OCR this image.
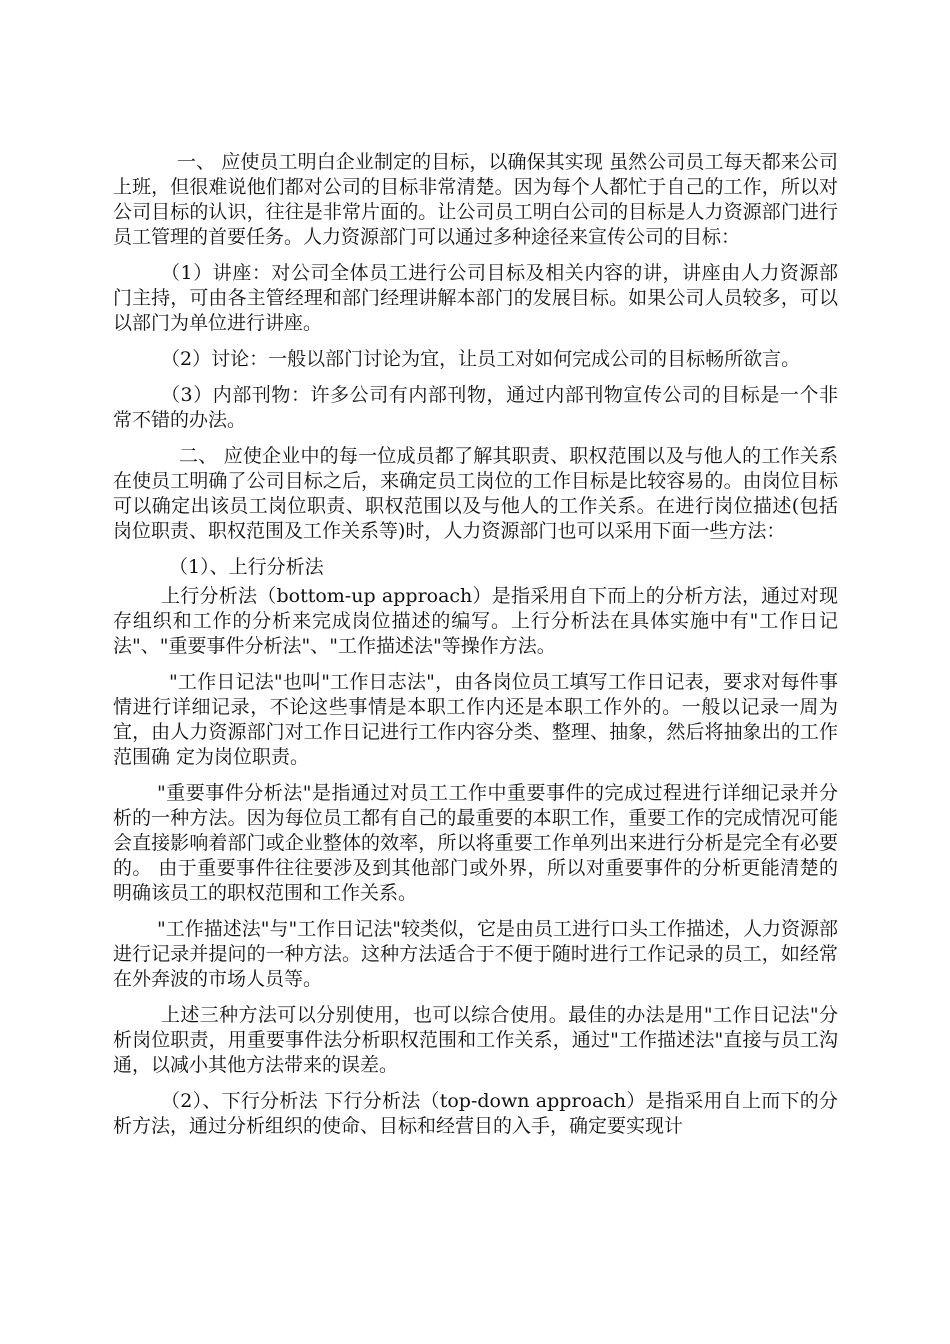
一、 应使员工明白企业制定的目标，以确保其实现 虽然公司员工每天都来公司上班，但很难说他们都对公司的目标非常清楚。因为每个人都忙于自己的工作，所以对公司目标的认识，往往是非常片面的。让公司员工明白公司的目标是人力资源部门进行员工管理的首要任务。人力资源部门可以通过多种途径来宣传公司的目标：

（1）讲座：对公司全体员工进行公司目标及相关内容的讲，讲座由人力资源部门主持，可由各主管经理和部门经理讲解本部门的发展目标。如果公司人员较多，可以以部门为单位进行讲座。

（2）讨论：一般以部门讨论为宜，让员工对如何完成公司的目标畅所欲言。

（3）内部刊物：许多公司有内部刊物，通过内部刊物宣传公司的目标是一个非常不错的办法。

二、 应使企业中的每一位成员都了解其职责、职权范围以及与他人的工作关系 在使员工明确了公司目标之后，来确定员工岗位的工作目标是比较容易的。由岗位目标可以确定出该员工岗位职责、职权范围以及与他人的工作关系。在进行岗位描述(包括岗位职责、职权范围及工作关系等)时，人力资源部门也可以采用下面一些方法：

（1）、上行分析法

上行分析法（bottom-up approach）是指采用自下而上的分析方法，通过对现存组织和工作的分析来完成岗位描述的编写。上行分析法在具体实施中有"工作日记法"、"重要事件分析法"、"工作描述法"等操作方法。

"工作日记法"也叫"工作日志法"，由各岗位员工填写工作日记表，要求对每件事情进行详细记录，不论这些事情是本职工作内还是本职工作外的。一般以记录一周为宜，由人力资源部门对工作日记进行工作内容分类、整理、抽象，然后将抽象出的工作范围确 定为岗位职责。

"重要事件分析法"是指通过对员工工作中重要事件的完成过程进行详细记录并分析的一种方法。因为每位员工都有自己的最重要的本职工作，重要工作的完成情况可能会直接影响着部门或企业整体的效率，所以将重要工作单列出来进行分析是完全有必要的。 由于重要事件往往要涉及到其他部门或外界，所以对重要事件的分析更能清楚的明确该员工的职权范围和工作关系。

"工作描述法"与"工作日记法"较类似，它是由员工进行口头工作描述，人力资源部进行记录并提问的一种方法。这种方法适合于不便于随时进行工作记录的员工，如经常在外奔波的市场人员等。

上述三种方法可以分别使用，也可以综合使用。最佳的办法是用"工作日记法"分析岗位职责，用重要事件法分析职权范围和工作关系，通过"工作描述法"直接与员工沟通，以减小其他方法带来的误差。

（2）、下行分析法 下行分析法（top-down approach）是指采用自上而下的分析方法，通过分析组织的使命、目标和经营目的入手，确定要实现计
